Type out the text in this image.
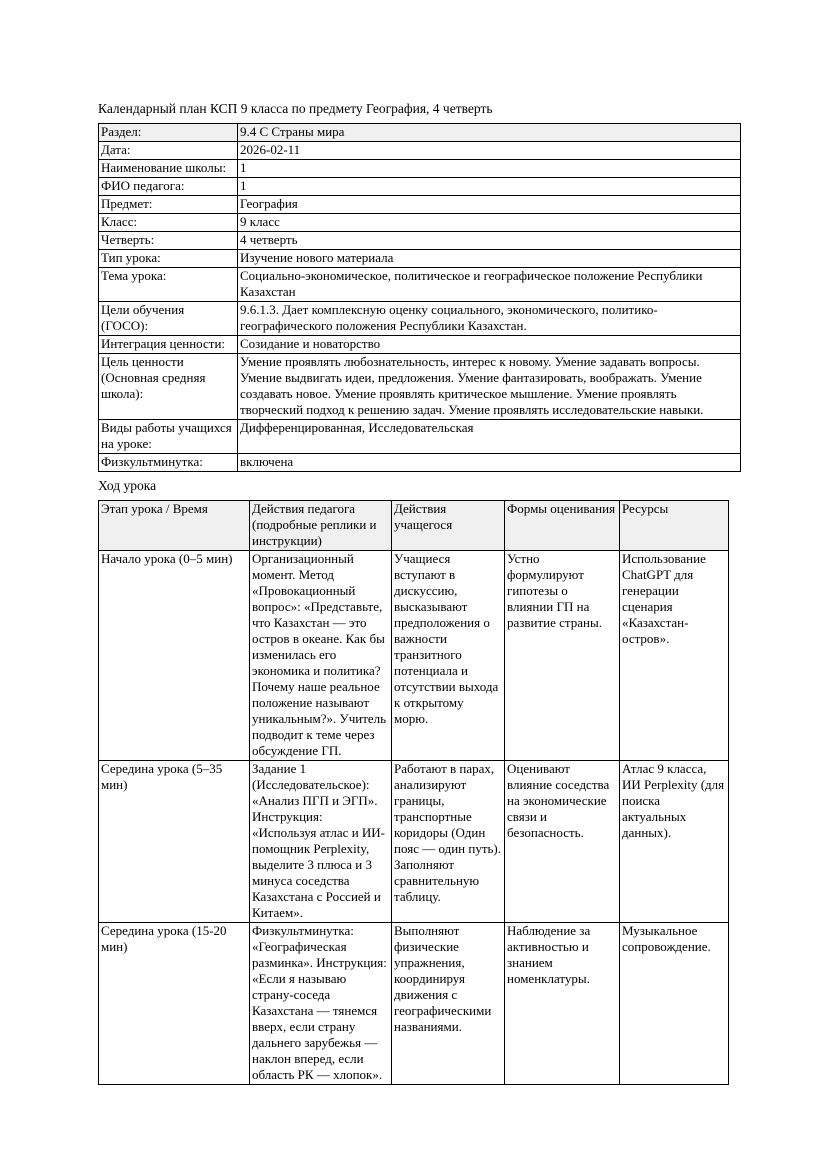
Календарный план КСП 9 класса по предмету География, 4 четверть

Раздел:	9.4 С Страны мира
Дата:	2026-02-11
Наименование школы:	1
ФИО педагога:	1
Предмет:	География
Класс:	9 класс
Четверть:	4 четверть
Тип урока:	Изучение нового материала
Тема урока:	Социально-экономическое, политическое и географическое положение Республики Казахстан
Цели обучения (ГОСО):	9.6.1.3. Дает комплексную оценку социального, экономического, политико-географического положения Республики Казахстан.
Интеграция ценности:	Созидание и новаторство
Цель ценности (Основная средняя школа):	Умение проявлять любознательность, интерес к новому. Умение задавать вопросы. Умение выдвигать идеи, предложения. Умение фантазировать, воображать. Умение создавать новое. Умение проявлять критическое мышление. Умение проявлять творческий подход к решению задач. Умение проявлять исследовательские навыки.
Виды работы учащихся на уроке:	Дифференцированная, Исследовательская
Физкультминутка:	включена

Ход урока

Этап урока / Время	Действия педагога (подробные реплики и инструкции)	Действия учащегося	Формы оценивания	Ресурсы
Начало урока (0–5 мин)	Организационный момент. Метод «Провокационный вопрос»: «Представьте, что Казахстан — это остров в океане. Как бы изменилась его экономика и политика? Почему наше реальное положение называют уникальным?». Учитель подводит к теме через обсуждение ГП.	Учащиеся вступают в дискуссию, высказывают предположения о важности транзитного потенциала и отсутствии выхода к открытому морю.	Устно формулируют гипотезы о влиянии ГП на развитие страны.	Использование ChatGPT для генерации сценария «Казахстан-остров».
Середина урока (5–35 мин)	Задание 1 (Исследовательское): «Анализ ПГП и ЭГП». Инструкция: «Используя атлас и ИИ-помощник Perplexity, выделите 3 плюса и 3 минуса соседства Казахстана с Россией и Китаем».	Работают в парах, анализируют границы, транспортные коридоры (Один пояс — один путь). Заполняют сравнительную таблицу.	Оценивают влияние соседства на экономические связи и безопасность.	Атлас 9 класса, ИИ Perplexity (для поиска актуальных данных).
Середина урока (15-20 мин)	Физкультминутка: «Географическая разминка». Инструкция: «Если я называю страну-соседа Казахстана — тянемся вверх, если страну дальнего зарубежья — наклон вперед, если область РК — хлопок».	Выполняют физические упражнения, координируя движения с географическими названиями.	Наблюдение за активностью и знанием номенклатуры.	Музыкальное сопровождение.
